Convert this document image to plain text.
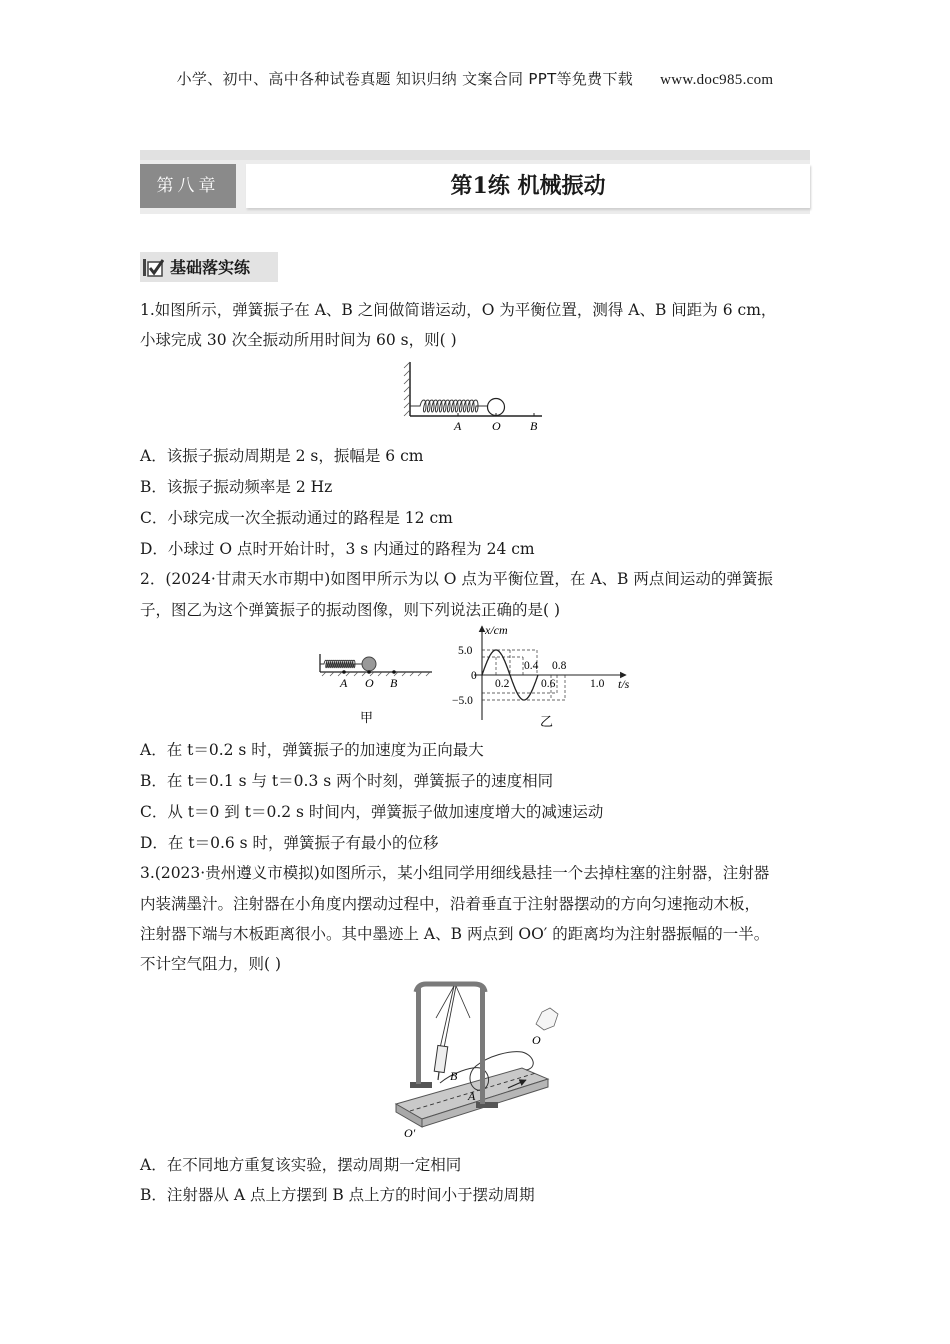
小学、初中、高中各种试卷真题 知识归纳 文案合同 PPT等免费下载 www.doc985.com
第八章	第1练 机械振动
基础落实练
1.如图所示，弹簧振子在 A、B 之间做简谐运动，O 为平衡位置，测得 A、B 间距为 6 cm，
小球完成 30 次全振动所用时间为 60 s，则( )
A	O B
A．该振子振动周期是 2 s，振幅是 6 cm
B．该振子振动频率是 2 Hz
C．小球完成一次全振动通过的路程是 12 cm
D．小球过 O 点时开始计时，3 s 内通过的路程为 24 cm
2．(2024·甘肃天水市期中)如图甲所示为以 O 点为平衡位置，在 A、B 两点间运动的弹簧振
子，图乙为这个弹簧振子的振动图像，则下列说法正确的是( )
A O B
甲
x/cm
t/s
5.0
0
−5.0
0.2
0.4
0.6
0.8
1.0
乙
A．在 t＝0.2 s 时，弹簧振子的加速度为正向最大
B．在 t＝0.1 s 与 t＝0.3 s 两个时刻，弹簧振子的速度相同
C．从 t＝0 到 t＝0.2 s 时间内，弹簧振子做加速度增大的减速运动
D．在 t＝0.6 s 时，弹簧振子有最小的位移
3.(2023·贵州遵义市模拟)如图所示，某小组同学用细线悬挂一个去掉柱塞的注射器，注射器
内装满墨汁。注射器在小角度内摆动过程中，沿着垂直于注射器摆动的方向匀速拖动木板，
注射器下端与木板距离很小。其中墨迹上 A、B 两点到 OO′ 的距离均为注射器振幅的一半。
不计空气阻力，则( )
B
A
O
O′
A．在不同地方重复该实验，摆动周期一定相同
B．注射器从 A 点上方摆到 B 点上方的时间小于摆动周期
